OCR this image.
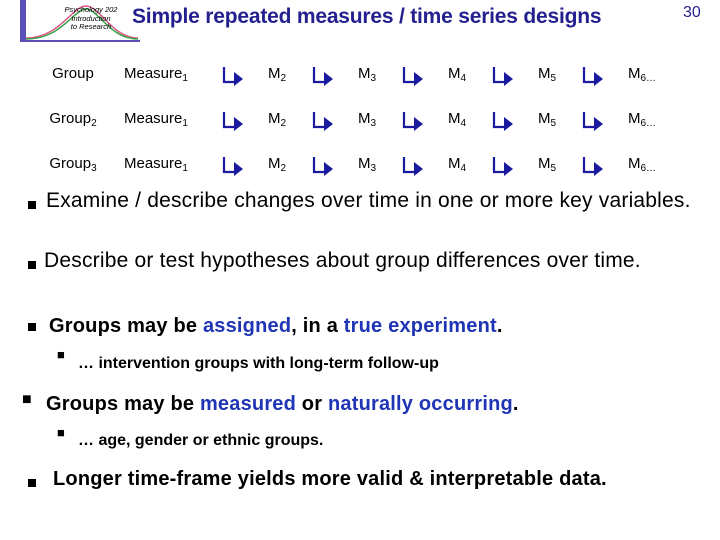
Psychology 202
Introduction
to Research Simple repeated measures / time series designs	30
Group	Measure$_1$		$M_2$		$M_3$		$M_4$		$M_5$		$M_{6\dots}$
Group$_2$	Measure$_1$		$M_2$		$M_3$		$M_4$		$M_5$		$M_{6\dots}$
Group$_3$	Measure$_1$		$M_2$		$M_3$		$M_4$		$M_5$		$M_{6\dots}$
Examine / describe changes over time in one or more key variables.
Describe or test hypotheses about group differences over time.
Groups may be assigned, in a true experiment.
■
… intervention groups with long-term follow-up
■ Groups may be measured or naturally occurring.
■ … age, gender or ethnic groups.
Longer time-frame yields more valid & interpretable data.
